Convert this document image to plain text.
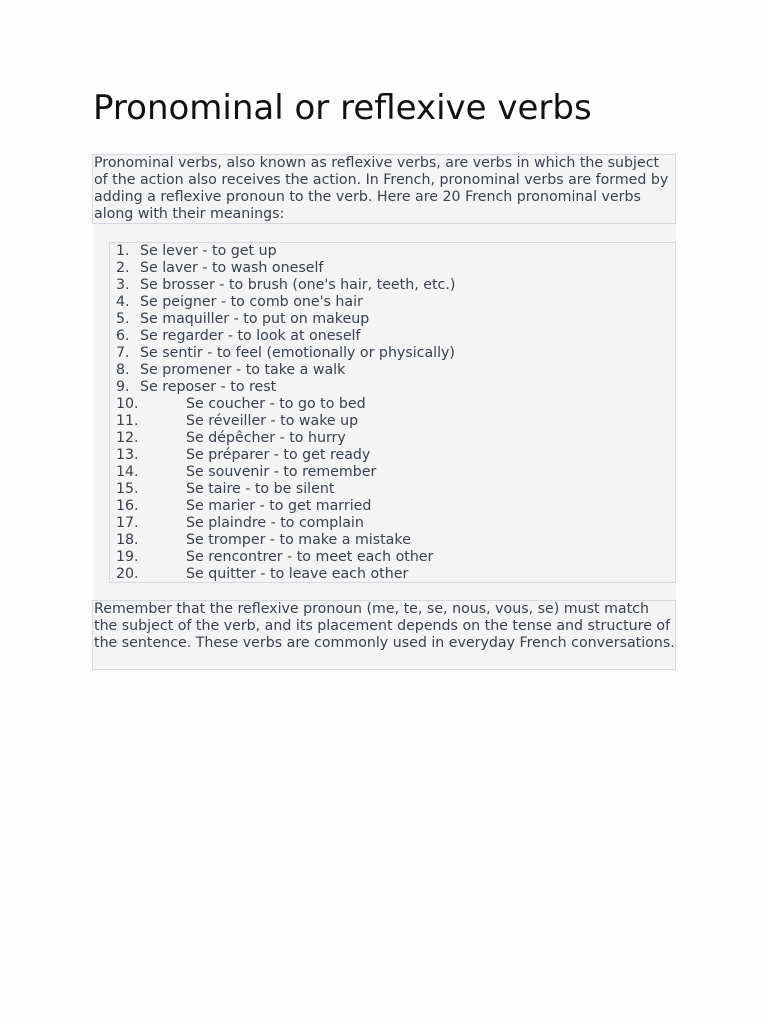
Pronominal or reflexive verbs

Pronominal verbs, also known as reflexive verbs, are verbs in which the subject of the action also receives the action. In French, pronominal verbs are formed by adding a reflexive pronoun to the verb. Here are 20 French pronominal verbs along with their meanings:

1. Se lever - to get up
2. Se laver - to wash oneself
3. Se brosser - to brush (one's hair, teeth, etc.)
4. Se peigner - to comb one's hair
5. Se maquiller - to put on makeup
6. Se regarder - to look at oneself
7. Se sentir - to feel (emotionally or physically)
8. Se promener - to take a walk
9. Se reposer - to rest
10.	Se coucher - to go to bed
11.	Se réveiller - to wake up
12.	Se dépêcher - to hurry
13.	Se préparer - to get ready
14.	Se souvenir - to remember
15.	Se taire - to be silent
16.	Se marier - to get married
17.	Se plaindre - to complain
18.	Se tromper - to make a mistake
19.	Se rencontrer - to meet each other
20.	Se quitter - to leave each other

Remember that the reflexive pronoun (me, te, se, nous, vous, se) must match the subject of the verb, and its placement depends on the tense and structure of the sentence. These verbs are commonly used in everyday French conversations.
